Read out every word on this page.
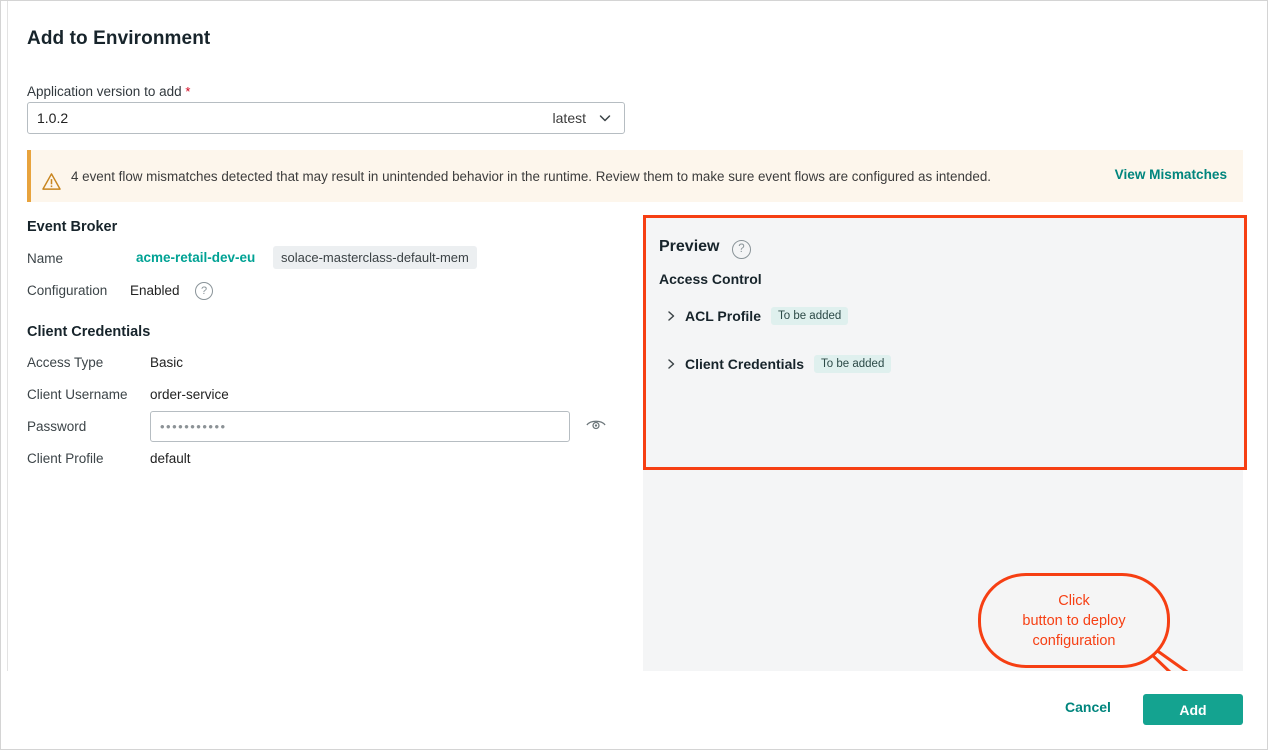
Add to Environment
Application version to add *
1.0.2	latest
4 event flow mismatches detected that may result in unintended behavior in the runtime. Review them to make sure event flows are configured as intended.	View Mismatches
Event Broker
Name	acme-retail-dev-eu	solace-masterclass-default-mem
Configuration Enabled	?
Client Credentials
Access Type	Basic
Client Username order-service
Password	•••••••••••
Client Profile	default
Preview	?
Access Control
ACL Profile	To be added
Client Credentials	To be added
Click
button to deploy
configuration
Cancel	Add
